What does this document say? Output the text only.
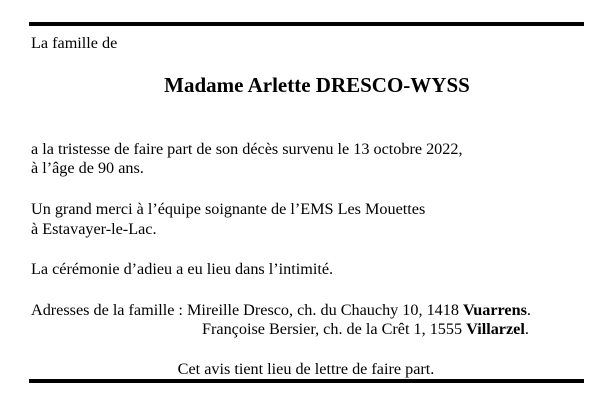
La famille de
Madame Arlette DRESCO-WYSS
a la tristesse de faire part de son décès survenu le 13 octobre 2022,
à l’âge de 90 ans.
Un grand merci à l’équipe soignante de l’EMS Les Mouettes
à Estavayer-le-Lac.
La cérémonie d’adieu a eu lieu dans l’intimité.
Adresses de la famille : Mireille Dresco, ch. du Chauchy 10, 1418 Vuarrens.
Françoise Bersier, ch. de la Crêt 1, 1555 Villarzel.
Cet avis tient lieu de lettre de faire part.
